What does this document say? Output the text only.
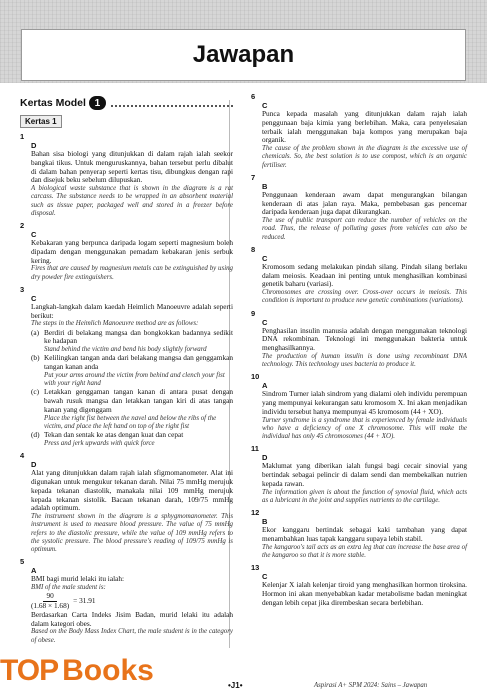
Jawapan
Kertas Model 1
Kertas 1
1
D

Bahan sisa biologi yang ditunjukkan di dalam rajah ialah seekor bangkai tikus. Untuk menguruskannya, bahan tersebut perlu dibalut di dalam bahan penyerap seperti kertas tisu, dibungkus dengan rapi dan disejuk beku sebelum dilupuskan.

A biological waste substance that is shown in the diagram is a rat carcass. The substance needs to be wrapped in an absorbent material such as tissue paper, packaged well and stored in a freezer before disposal.

2
C

Kebakaran yang berpunca daripada logam seperti magnesium boleh dipadam dengan menggunakan pemadam kebakaran jenis serbuk kering.

Fires that are caused by magnesium metals can be extinguished by using dry powder fire extinguishers.

3
C

Langkah-langkah dalam kaedah Heimlich Manoeuvre adalah seperti berikut:

The steps in the Heimlich Manoeuvre method are as follows:

(a) Berdiri di belakang mangsa dan bongkokkan badannya sedikit ke hadapan
Stand behind the victim and bend his body slightly forward
(b) Kelilingkan tangan anda dari belakang mangsa dan genggamkan tangan kanan anda
Put your arms around the victim from behind and clench your fist with your right hand
(c) Letakkan genggaman tangan kanan di antara pusat dengan bawah rusuk mangsa dan letakkan tangan kiri di atas tangan kanan yang digenggam
Place the right fist between the navel and below the ribs of the victim, and place the left hand on top of the right fist
(d) Tekan dan sentak ke atas dengan kuat dan cepat
Press and jerk upwards with quick force
4
D

Alat yang ditunjukkan dalam rajah ialah sfigmomanometer. Alat ini digunakan untuk mengukur tekanan darah. Nilai 75 mmHg merujuk kepada tekanan diastolik, manakala nilai 109 mmHg merujuk kepada tekanan sistolik. Bacaan tekanan darah, 109/75 mmHg adalah optimum.

The instrument shown in the diagram is a sphygmomanometer. This instrument is used to measure blood pressure. The value of 75 mmHg refers to the diastolic pressure, while the value of 109 mmHg refers to the systolic pressure. The blood pressure's reading of 109/75 mmHg is optimum.

5
A

BMI bagi murid lelaki itu ialah:

BMI of the male student is:

$\frac{90}{(1.68 \times 1.68)} = 31.91$

Berdasarkan Carta Indeks Jisim Badan, murid lelaki itu adalah dalam kategori obes.

Based on the Body Mass Index Chart, the male student is in the category of obese.

6
C

Punca kepada masalah yang ditunjukkan dalam rajah ialah penggunaan baja kimia yang berlebihan. Maka, cara penyelesaian terbaik ialah menggunakan baja kompos yang merupakan baja organik.

The cause of the problem shown in the diagram is the excessive use of chemicals. So, the best solution is to use compost, which is an organic fertiliser.

7
B

Penggunaan kenderaan awam dapat mengurangkan bilangan kenderaan di atas jalan raya. Maka, pembebasan gas pencemar daripada kenderaan juga dapat dikurangkan.

The use of public transport can reduce the number of vehicles on the road. Thus, the release of polluting gases from vehicles can also be reduced.

8
C

Kromosom sedang melakukan pindah silang. Pindah silang berlaku dalam meiosis. Keadaan ini penting untuk menghasilkan kombinasi genetik baharu (variasi).

Chromosomes are crossing over. Cross-over occurs in meiosis. This condition is important to produce new genetic combinations (variations).

9
C

Penghasilan insulin manusia adalah dengan menggunakan teknologi DNA rekombinan. Teknologi ini menggunakan bakteria untuk menghasilkannya.

The production of human insulin is done using recombinant DNA technology. This technology uses bacteria to produce it.

10
A

Sindrom Turner ialah sindrom yang dialami oleh individu perempuan yang mempunyai kekurangan satu kromosom X. Ini akan menjadikan individu tersebut hanya mempunyai 45 kromosom (44 + XO).

Turner syndrome is a syndrome that is experienced by female individuals who have a deficiency of one X chromosome. This will make the individual has only 45 chromosomes (44 + XO).

11
D

Maklumat yang diberikan ialah fungsi bagi cecair sinovial yang bertindak sebagai pelincir di dalam sendi dan membekalkan nutrien kepada rawan.

The information given is about the function of synovial fluid, which acts as a lubricant in the joint and supplies nutrients to the cartilage.

12
B

Ekor kanggaru bertindak sebagai kaki tambahan yang dapat menambahkan luas tapak kanggaru supaya lebih stabil.

The kangaroo's tail acts as an extra leg that can increase the base area of the kangaroo so that it is more stable.

13
C

Kelenjar X ialah kelenjar tiroid yang menghasilkan hormon tiroksina. Hormon ini akan menyebabkan kadar metabolisme badan meningkat dengan lebih cepat jika dirembeskan secara berlebihan.

TOP Books	•J1•	Aspirasi A+ SPM 2024: Sains – Jawapan
